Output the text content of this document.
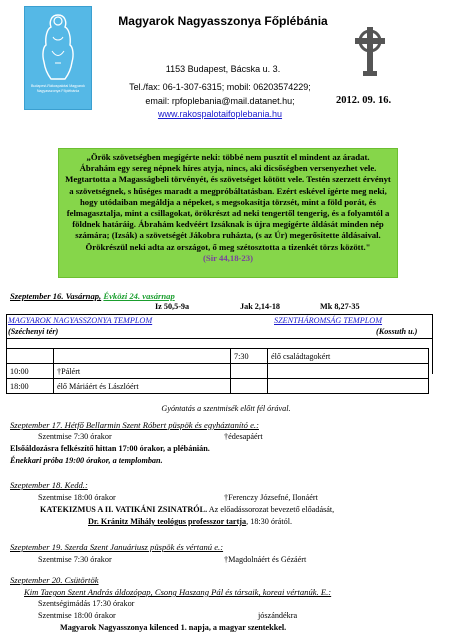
Budapest-Rákospalotai Magyarok Nagyasszonya Főplébánia
Magyarok Nagyasszonya Főplébánia
1153 Budapest, Bácska u. 3.
Tel./fax: 06-1-307-6315; mobil: 06203574229;
email: rpfoplebania@mail.datanet.hu;
www.rakospalotaifoplebania.hu
2012. 09. 16.
„Örök szövetségben megígérte neki: többé nem pusztít el mindent az áradat.
Ábrahám egy sereg népnek híres atyja, nincs, aki dicsőségben versenyezhet vele.
Megtartotta a Magasságbeli törvényét, és szövetséget kötött vele. Testén szerzett érvényt
a szövetségnek, s hűséges maradt a megpróbáltatásban. Ezért eskével ígérte meg neki,
hogy utódaiban megáldja a népeket, s megsokasítja törzsét, mint a föld porát, és
felmagasztalja, mint a csillagokat, örökrészt ad neki tengertől tengerig, és a folyamtól a
földnek határáig. Ábrahám kedvéért Izsáknak is újra megígérte áldását minden nép
számára; (Izsák) a szövetségét Jákobra ruházta, (s az Úr) megerősítette áldásaival.
Örökrészül neki adta az országot, ő meg szétosztotta a tizenkét törzs között."
(Sir 44,18-23)
Szeptember 16. Vasárnap, Évközi 24. vasárnap
Iz 50,5-9a	Jak 2,14-18	Mk 8,27-35
MAGYAROK NAGYASSZONYA TEMPLOM
(Széchenyi tér)
SZENTHÁROMSÁG TEMPLOM
(Kossuth u.)
		7:30	élő családtagokért
10:00	†Pálért		
18:00	élő Máriáért és Lászlóért		
Gyóntatás a szentmisék előtt fél órával.
Szeptember 17. Hétfő Bellarmin Szent Róbert püspök és egyháztanító e.:
Szentmise 7:30 órakor	†édesapáért
Elsőáldozásra felkészítő hittan 17:00 órakor, a plébánián.
Énekkari próba 19:00 órakor, a templomban.
Szeptember 18. Kedd.:
Szentmise 18:00 órakor	†Ferenczy Józsefné, Ilonáért
KATEKIZMUS A II. VATIKÁNI ZSINATRÓL. Az előadássorozat bevezető előadását,
Dr. Kránitz Mihály teológus professzor tartja, 18:30 órától.
Szeptember 19. Szerda Szent Januáriusz püspök és vértanú e.:
Szentmise 7:30 órakor	†Magdolnáért és Gézáért
Szeptember 20. Csütörtök
Kim Taegon Szent András áldozópap, Csong Haszang Pál és társaik, koreai vértanúk. E.:
Szentségimádás 17:30 órakor
Szentmise 18:00 órakor	jószándékra
Magyarok Nagyasszonya kilenced 1. napja, a magyar szentekkel.
